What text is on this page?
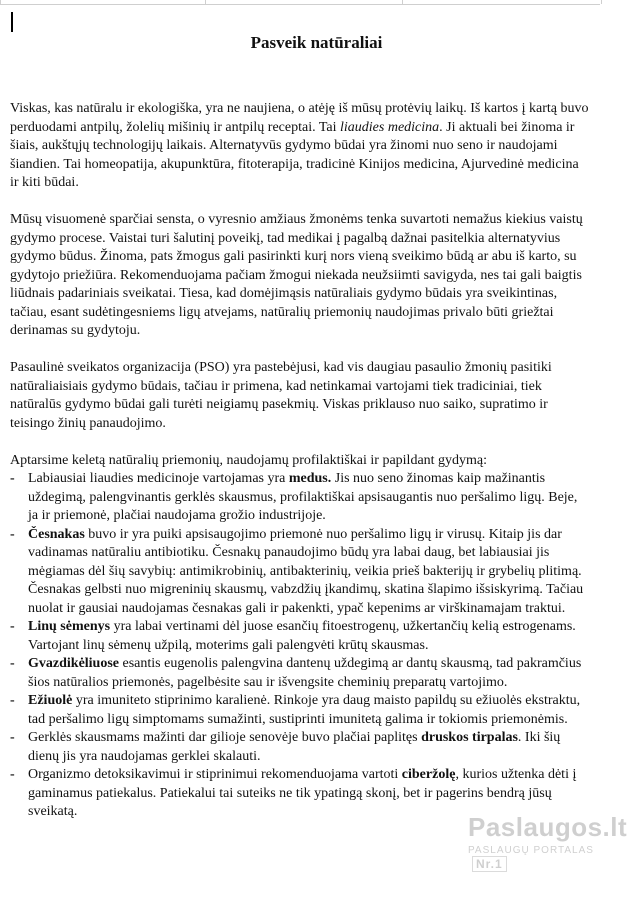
Pasveik natūraliai

Viskas, kas natūralu ir ekologiška, yra ne naujiena, o atėję iš mūsų protėvių laikų. Iš kartos į kartą buvo perduodami antpilų, žolelių mišinių ir antpilų receptai. Tai liaudies medicina. Ji aktuali bei žinoma ir šiais, aukštųjų technologijų laikais. Alternatyvūs gydymo būdai yra žinomi nuo seno ir naudojami šiandien. Tai homeopatija, akupunktūra, fitoterapija, tradicinė Kinijos medicina, Ajurvedinė medicina ir kiti būdai.

Mūsų visuomenė sparčiai sensta, o vyresnio amžiaus žmonėms tenka suvartoti nemažus kiekius vaistų gydymo procese. Vaistai turi šalutinį poveikį, tad medikai į pagalbą dažnai pasitelkia alternatyvius gydymo būdus. Žinoma, pats žmogus gali pasirinkti kurį nors vieną sveikimo būdą ar abu iš karto, su gydytojo priežiūra. Rekomenduojama pačiam žmogui niekada neužsiimti savigyda, nes tai gali baigtis liūdnais padariniais sveikatai. Tiesa, kad domėjimąsis natūraliais gydymo būdais yra sveikintinas, tačiau, esant sudėtingesniems ligų atvejams, natūralių priemonių naudojimas privalo būti griežtai derinamas su gydytoju.

Pasaulinė sveikatos organizacija (PSO) yra pastebėjusi, kad vis daugiau pasaulio žmonių pasitiki natūraliaisiais gydymo būdais, tačiau ir primena, kad netinkamai vartojami tiek tradiciniai, tiek natūralūs gydymo būdai gali turėti neigiamų pasekmių. Viskas priklauso nuo saiko, supratimo ir teisingo žinių panaudojimo.

Aptarsime keletą natūralių priemonių, naudojamų profilaktiškai ir papildant gydymą:
- Labiausiai liaudies medicinoje vartojamas yra medus. Jis nuo seno žinomas kaip mažinantis uždegimą, palengvinantis gerklės skausmus, profilaktiškai apsisaugantis nuo peršalimo ligų. Beje, ja ir priemonė, plačiai naudojama grožio industrijoje.
- Česnakas buvo ir yra puiki apsisaugojimo priemonė nuo peršalimo ligų ir virusų. Kitaip jis dar vadinamas natūraliu antibiotiku. Česnakų panaudojimo būdų yra labai daug, bet labiausiai jis mėgiamas dėl šių savybių: antimikrobinių, antibakterinių, veikia prieš bakterijų ir grybelių plitimą. Česnakas gelbsti nuo migreninių skausmų, vabzdžių įkandimų, skatina šlapimo išsiskyrimą. Tačiau nuolat ir gausiai naudojamas česnakas gali ir pakenkti, ypač kepenims ar virškinamajam traktui.
- Linų sėmenys yra labai vertinami dėl juose esančių fitoestrogenų, užkertančių kelią estrogenams. Vartojant linų sėmenų užpilą, moterims gali palengvėti krūtų skausmas.
- Gvazdikėliuose esantis eugenolis palengvina dantenų uždegimą ar dantų skausmą, tad pakramčius šios natūralios priemonės, pagelbėsite sau ir išvengsite cheminių preparatų vartojimo.
- Ežiuolė yra imuniteto stiprinimo karalienė. Rinkoje yra daug maisto papildų su ežiuolės ekstraktu, tad peršalimo ligų simptomams sumažinti, sustiprinti imunitetą galima ir tokiomis priemonėmis.
- Gerklės skausmams mažinti dar gilioje senovėje buvo plačiai paplitęs druskos tirpalas. Iki šių dienų jis yra naudojamas gerklei skalauti.
- Organizmo detoksikavimui ir stiprinimui rekomenduojama vartoti ciberžolę, kurios užtenka dėti į gaminamus patiekalus. Patiekalui tai suteiks ne tik ypatingą skonį, bet ir pagerins bendrą jūsų sveikatą.
Paslaugos.lt
PASLAUGŲ PORTALASNr.1
